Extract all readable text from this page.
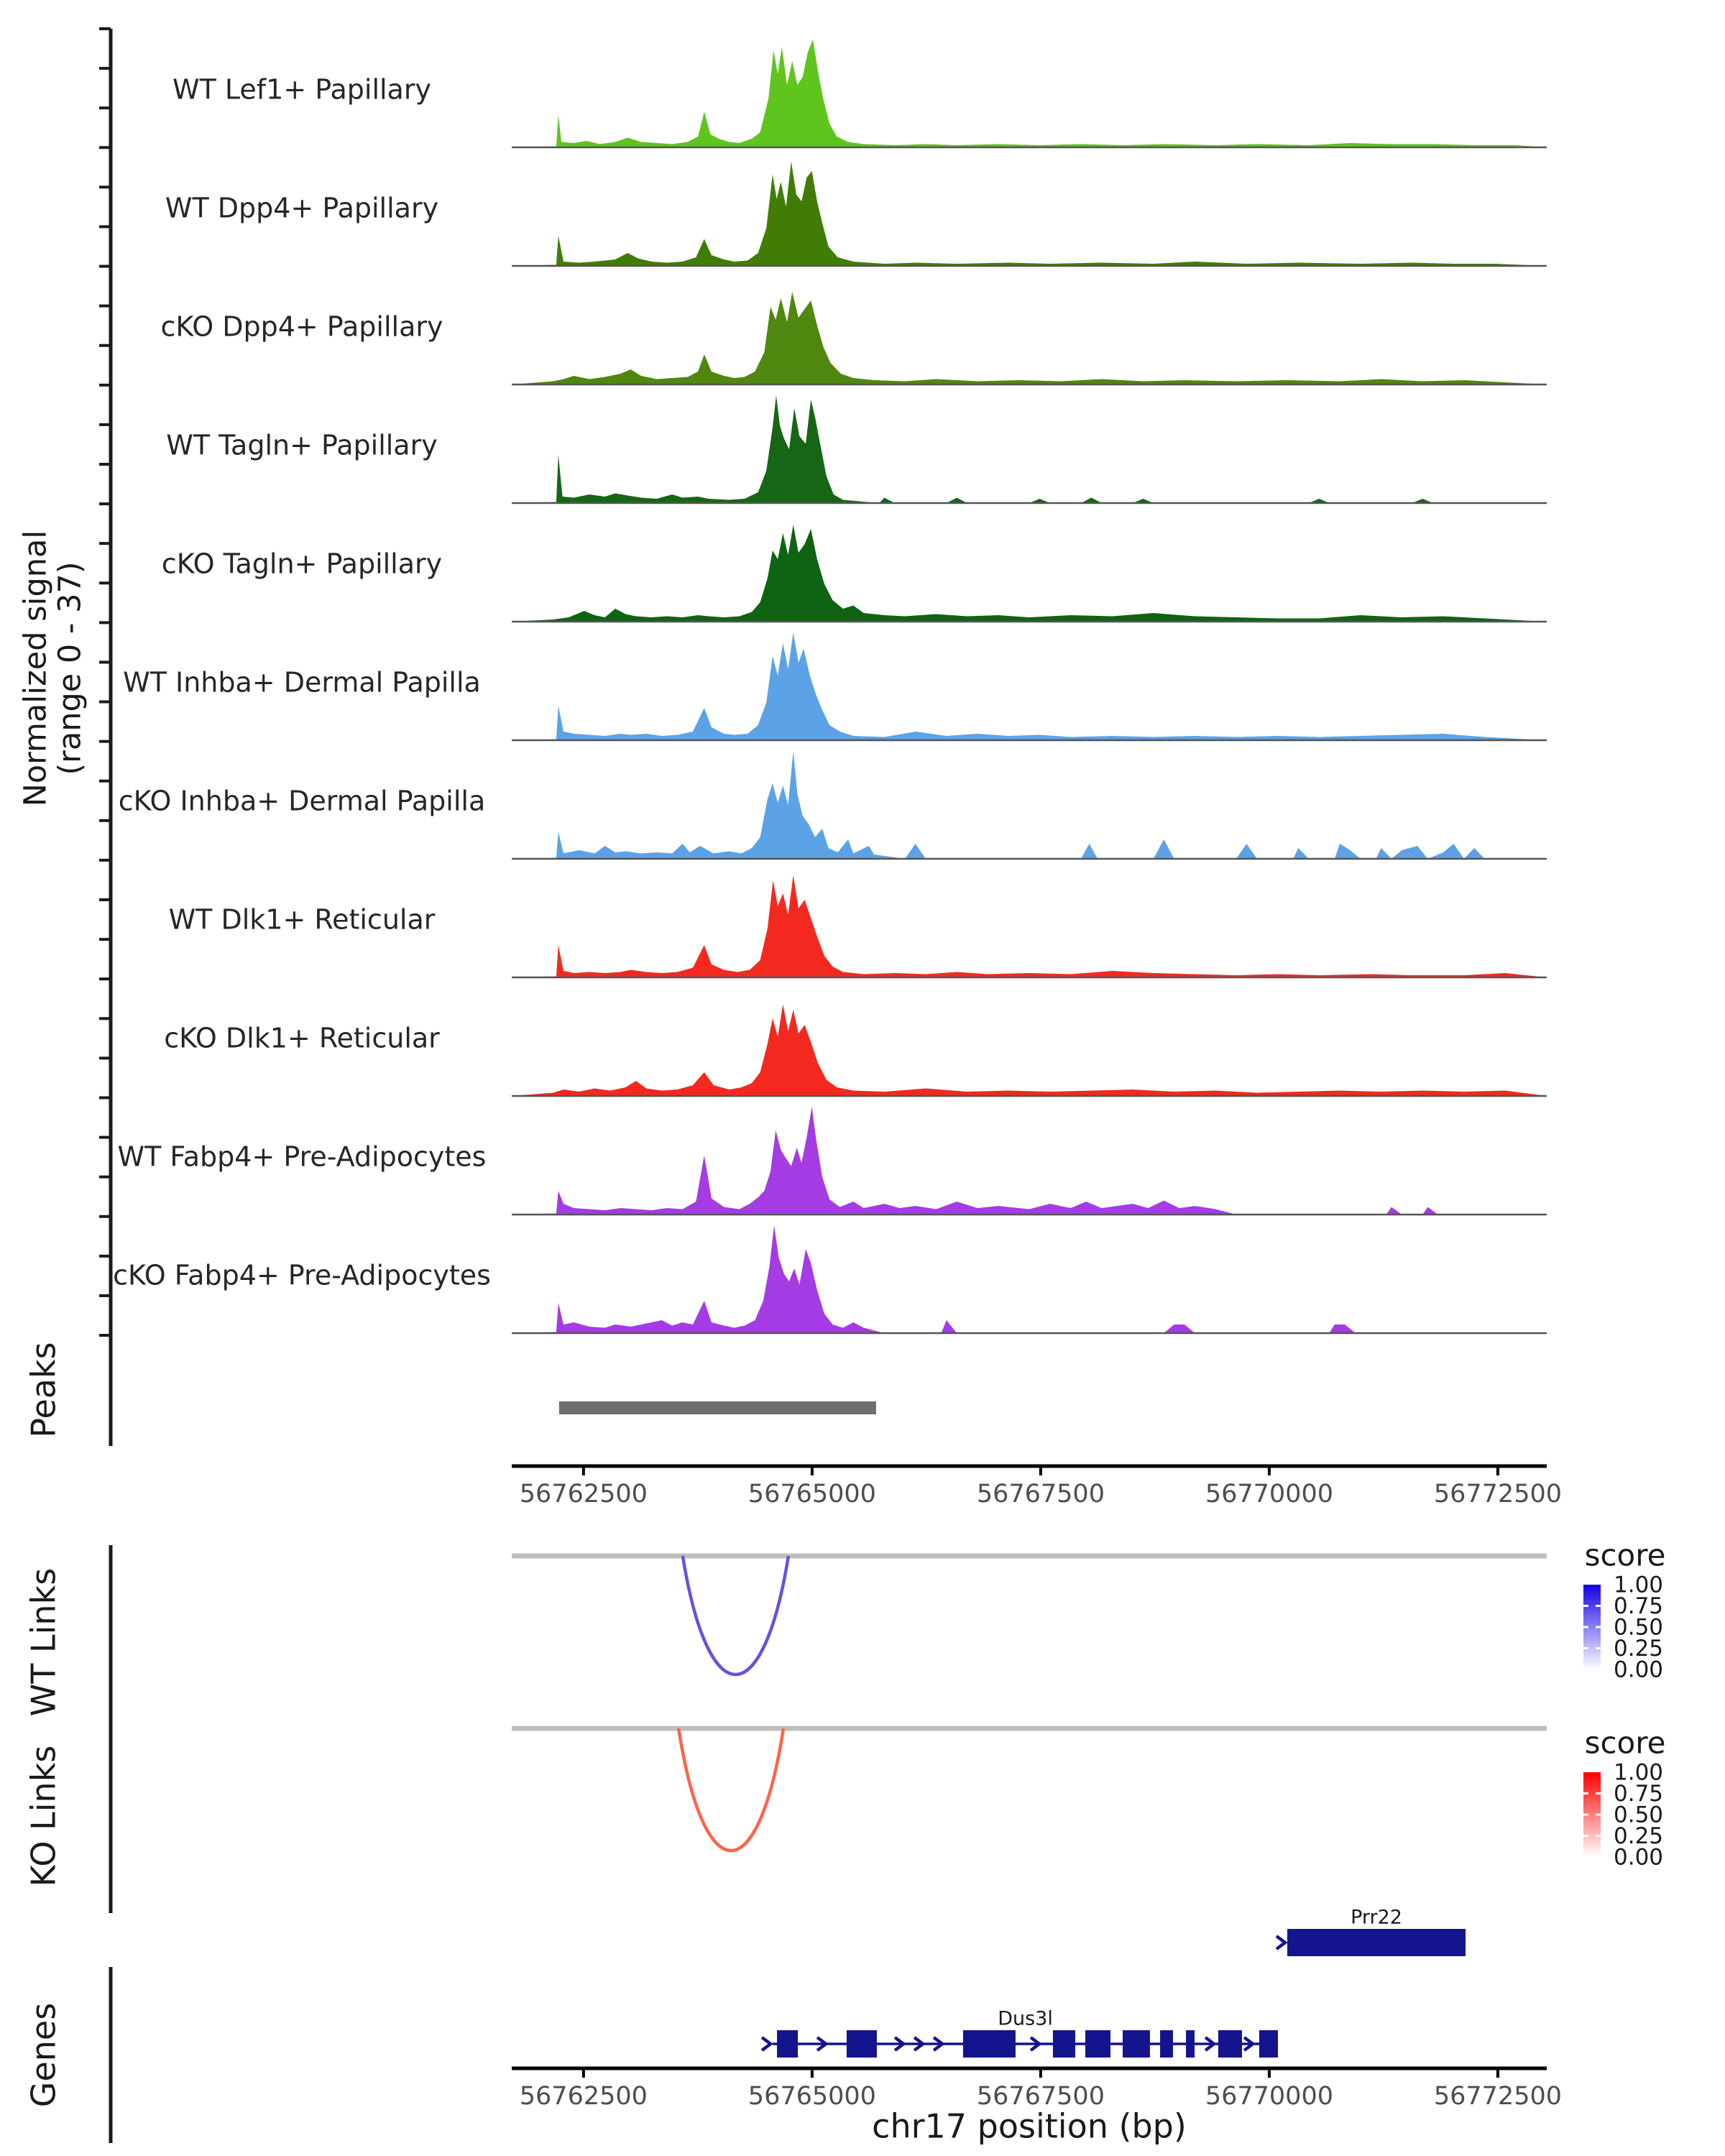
WT Lef1+ Papillary
WT Dpp4+ Papillary
cKO Dpp4+ Papillary
WT Tagln+ Papillary
cKO Tagln+ Papillary
WT Inhba+ Dermal Papilla
cKO Inhba+ Dermal Papilla
WT Dlk1+ Reticular
cKO Dlk1+ Reticular
WT Fabp4+ Pre-Adipocytes
cKO Fabp4+ Pre-Adipocytes
Normalized signal
(range 0 - 37)
Peaks
56762500	56765000	56767500	56770000	56772500
WT Links
KO Links
score
1.00
0.75
0.50
0.25
0.00
score
1.00
0.75
0.50
0.25
0.00
Genes
Prr22
Dus3l
56762500	56765000	56767500	56770000	56772500
chr17 position (bp)
